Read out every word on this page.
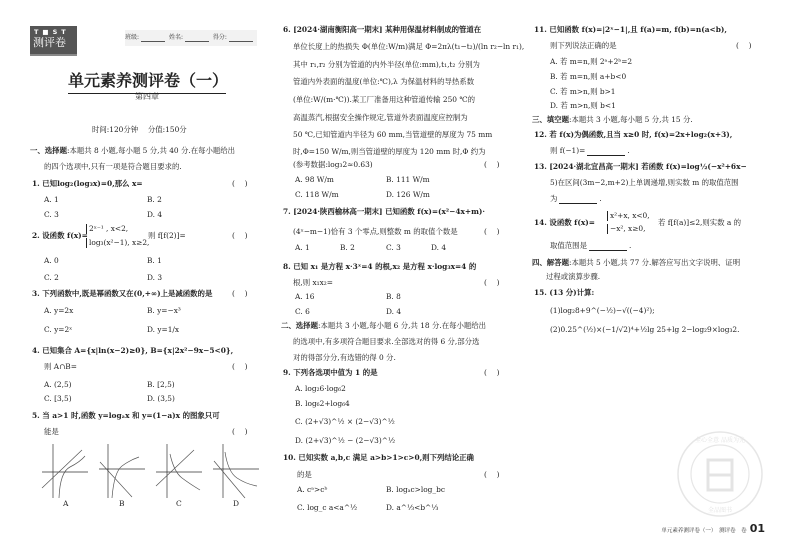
T■ST
测评卷	班级:	姓名:	得分:
单元素养测评卷（一）
第四章
时间:120分钟　 分值:150分
一、选择题:本题共 8 小题,每小题 5 分,共 40 分.在每小题给出
的四个选项中,只有一项是符合题目要求的.
1. 已知log₂(log₃x)=0,那么 x=	(　 )
A. 1	B. 2
C. 3	D. 4
2. 设函数 f(x)=
2ˣ⁻¹ , x<2,
log₃(x²−1), x≥2,
则 f[f(2)]=	(　 )
A. 0	B. 1
C. 2	D. 3
3. 下列函数中,既是幂函数又在(0,+∞)上是减函数的是	(　 )
A. y=2x	B. y=−x³
C. y=2ˣ	D. y=1/x
4. 已知集合 A={x|ln(x−2)≥0}, B={x|2x²−9x−5<0},
则 A∩B=	(　 )
A. (2,5)	B. [2,5)
C. [3,5)	D. (3,5)
5. 当 a>1 时,函数 y=logₐx 和 y=(1−a)x 的图象只可
能是	(　 )
A	B	C	D
6. [2024·湖南衡阳高一期末] 某种用保温材料制成的管道在
单位长度上的热损失 Φ(单位:W/m)满足 Φ=2πλ(t₁−t₂)/(ln r₂−ln r₁),
其中 r₁,r₂ 分别为管道的内外半径(单位:mm),t₁,t₂ 分别为
管道内外表面的温度(单位:℃),λ 为保温材料的导热系数
(单位:W/(m·℃)).某工厂准备用这种管道传输 250 ℃的
高温蒸汽,根据安全操作规定,管道外表面温度应控制为
50 ℃,已知管道内半径为 60 mm,当管道壁的厚度为 75 mm
时,Φ=150 W/m,则当管道壁的厚度为 120 mm 时,Φ 约为
(参考数据:log₃2≈0.63)	(　 )
A. 98 W/m	B. 111 W/m
C. 118 W/m	D. 126 W/m
7. [2024·陕西榆林高一期末] 已知函数 f(x)=(x²−4x+m)·
(4ˣ−m−1)恰有 3 个零点,则整数 m 的取值个数是	(　 )
A. 1	B. 2	C. 3	D. 4
8. 已知 x₁ 是方程 x·3ˣ=4 的根,x₂ 是方程 x·log₃x=4 的
根,则 x₁x₂=	(　 )
A. 16	B. 8
C. 6	D. 4
二、选择题:本题共 3 小题,每小题 6 分,共 18 分.在每小题给出
的选项中,有多项符合题目要求.全部选对的得 6 分,部分选
对的得部分分,有选错的得 0 分.
9. 下列各选项中值为 1 的是	(　 )
A. log₂6·log₆2
B. log₆2+log₆4
C. (2+√3)^½ × (2−√3)^½
D. (2+√3)^½ − (2−√3)^½
10. 已知实数 a,b,c 满足 a>b>1>c>0,则下列结论正确
的是	(　 )
A. cᵃ>cᵇ	B. logₐc>log_bc
C. log_c a<a^½	D. a^⅓<b^⅓
11. 已知函数 f(x)=|2ˣ−1|,且 f(a)=m, f(b)=n(a<b),
则下列说法正确的是	(　 )
A. 若 m=n,则 2ᵃ+2ᵇ=2
B. 若 m=n,则 a+b<0
C. 若 m>n,则 b>1
D. 若 m>n,则 b<1
三、填空题:本题共 3 小题,每小题 5 分,共 15 分.
12. 若 f(x)为偶函数,且当 x≥0 时, f(x)=2x+log₂(x+3),
则 f(−1)=	.
13. [2024·湖北宜昌高一期末] 若函数 f(x)=log½(−x²+6x−
5)在区间(3m−2,m+2)上单调递增,则实数 m 的取值范围
为	.
14. 设函数 f(x)=
x²+x, x<0,
−x², x≥0,
若 f[f(a)]≤2,则实数 a 的
取值范围是	.
四、解答题:本题共 5 小题,共 77 分.解答应写出文字说明、证明
过程或演算步骤.
15. (13 分)计算:
(1)log₂8+9^(−½)−√((−4)²);
(2)0.25^(½)×(−1/√2)⁴+½lg 25+lg 2−log₂9×log₃2.
全心全意 品质为先
全品图书
单元素养测评卷（一）　测评卷　卷 01
